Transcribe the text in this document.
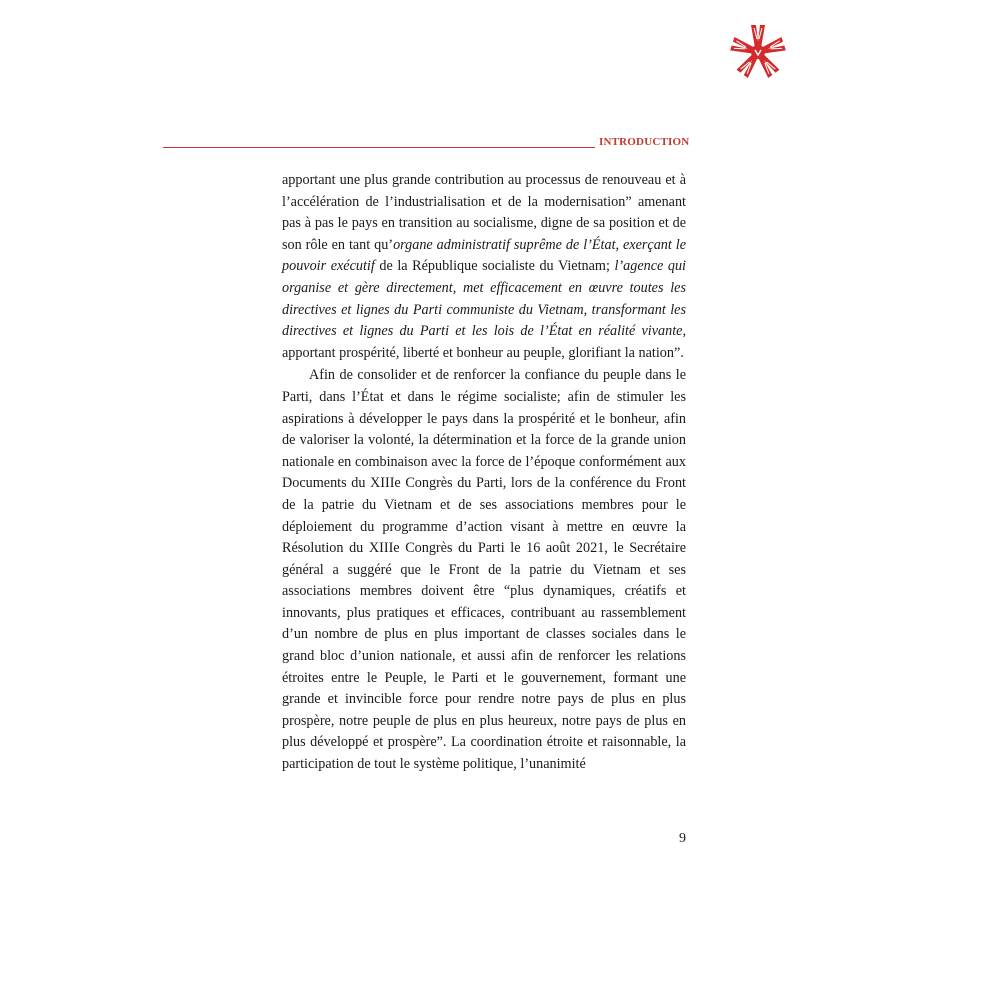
INTRODUCTION

apportant une plus grande contribution au processus de renouveau et à l’accélération de l’industrialisation et de la modernisation” amenant pas à pas le pays en transition au socialisme, digne de sa position et de son rôle en tant qu’organe administratif suprême de l’État, exerçant le pouvoir exécutif de la République socialiste du Vietnam; l’agence qui organise et gère directement, met efficacement en œuvre toutes les directives et lignes du Parti communiste du Vietnam, transformant les directives et lignes du Parti et les lois de l’État en réalité vivante, apportant prospérité, liberté et bonheur au peuple, glorifiant la nation”.

Afin de consolider et de renforcer la confiance du peuple dans le Parti, dans l’État et dans le régime socialiste; afin de stimuler les aspirations à développer le pays dans la prospérité et le bonheur, afin de valoriser la volonté, la détermination et la force de la grande union nationale en combinaison avec la force de l’époque conformément aux Documents du XIIIe Congrès du Parti, lors de la conférence du Front de la patrie du Vietnam et de ses associations membres pour le déploiement du programme d’action visant à mettre en œuvre la Résolution du XIIIe Congrès du Parti le 16 août 2021, le Secrétaire général a suggéré que le Front de la patrie du Vietnam et ses associations membres doivent être “plus dynamiques, créatifs et innovants, plus pratiques et efficaces, contribuant au rassemblement d’un nombre de plus en plus important de classes sociales dans le grand bloc d’union nationale, et aussi afin de renforcer les relations étroites entre le Peuple, le Parti et le gouvernement, formant une grande et invincible force pour rendre notre pays de plus en plus prospère, notre peuple de plus en plus heureux, notre pays de plus en plus développé et prospère”. La coordination étroite et raisonnable, la participation de tout le système politique, l’unanimité

9
